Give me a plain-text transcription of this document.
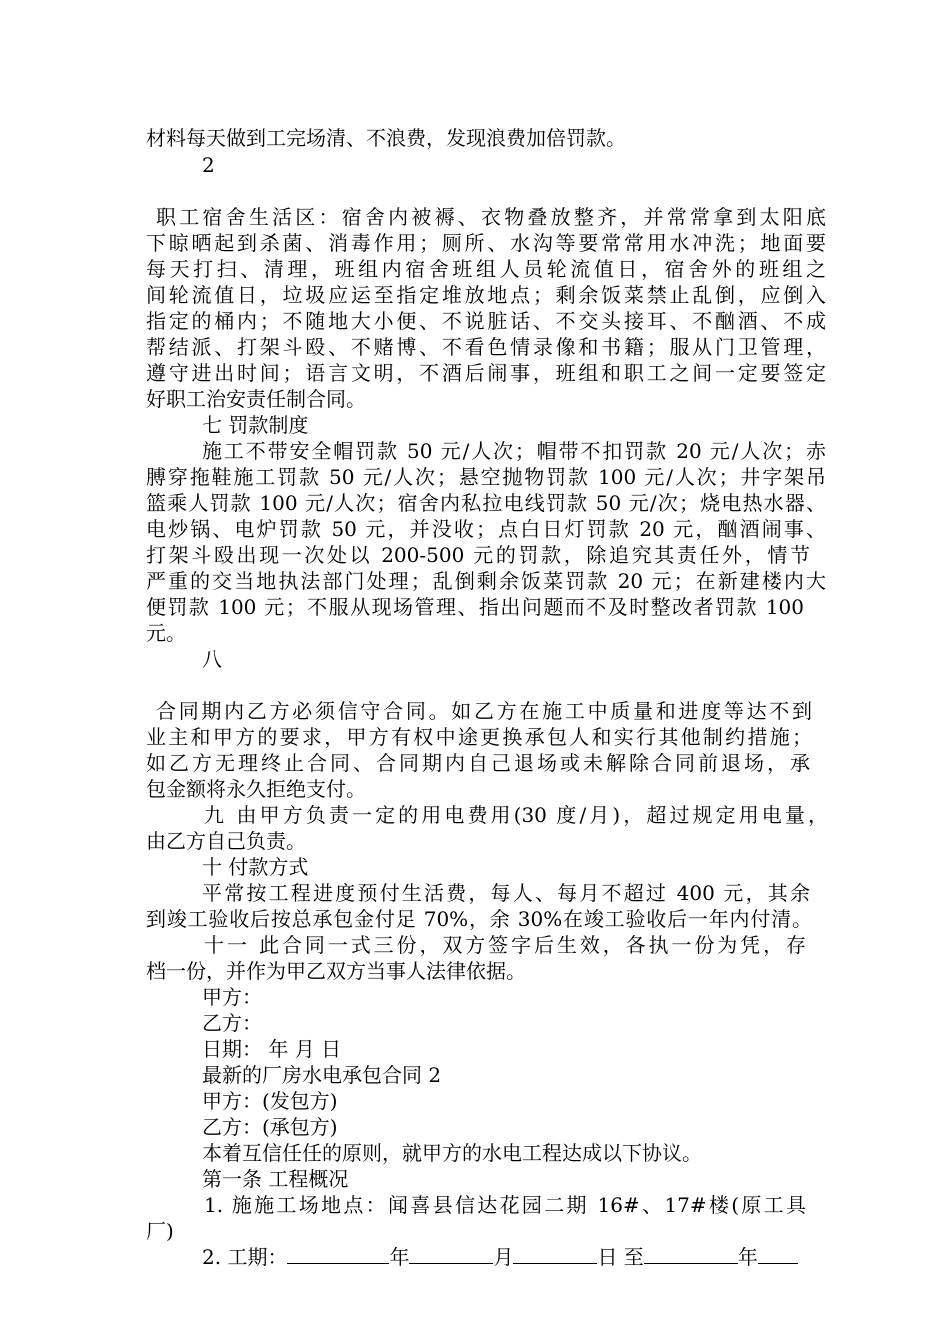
材料每天做到工完场清、不浪费，发现浪费加倍罚款。
2
职工宿舍生活区：宿舍内被褥、衣物叠放整齐，并常常拿到太阳底
下晾晒起到杀菌、消毒作用；厕所、水沟等要常常用水冲洗；地面要
每天打扫、清理，班组内宿舍班组人员轮流值日，宿舍外的班组之
间轮流值日，垃圾应运至指定堆放地点；剩余饭菜禁止乱倒，应倒入
指定的桶内；不随地大小便、不说脏话、不交头接耳、不酗酒、不成
帮结派、打架斗殴、不赌博、不看色情录像和书籍；服从门卫管理，
遵守进出时间；语言文明，不酒后闹事，班组和职工之间一定要签定
好职工治安责任制合同。
七 罚款制度
施工不带安全帽罚款 50 元/人次；帽带不扣罚款 20 元/人次；赤
膊穿拖鞋施工罚款 50 元/人次；悬空抛物罚款 100 元/人次；井字架吊
篮乘人罚款 100 元/人次；宿舍内私拉电线罚款 50 元/次；烧电热水器、
电炒锅、电炉罚款 50 元，并没收；点白日灯罚款 20 元，酗酒闹事、
打架斗殴出现一次处以 200-500 元的罚款，除追究其责任外，情节
严重的交当地执法部门处理；乱倒剩余饭菜罚款 20 元；在新建楼内大
便罚款 100 元；不服从现场管理、指出问题而不及时整改者罚款 100
元。
八
合同期内乙方必须信守合同。如乙方在施工中质量和进度等达不到
业主和甲方的要求，甲方有权中途更换承包人和实行其他制约措施；
如乙方无理终止合同、合同期内自己退场或未解除合同前退场，承
包金额将永久拒绝支付。
九 由甲方负责一定的用电费用(30 度/月)，超过规定用电量，
由乙方自己负责。
十 付款方式
平常按工程进度预付生活费，每人、每月不超过 400 元，其余
到竣工验收后按总承包金付足 70%，余 30%在竣工验收后一年内付清。
十一 此合同一式三份，双方签字后生效，各执一份为凭，存
档一份，并作为甲乙双方当事人法律依据。
甲方：
乙方：
日期： 年 月 日
最新的厂房水电承包合同 2
甲方：(发包方)
乙方：(承包方)
本着互信任任的原则，就甲方的水电工程达成以下协议。
第一条 工程概况
1. 施施工场地点：闻喜县信达花园二期 16#、17#楼(原工具
厂)
2. 工期：	年	月	日 至	年
